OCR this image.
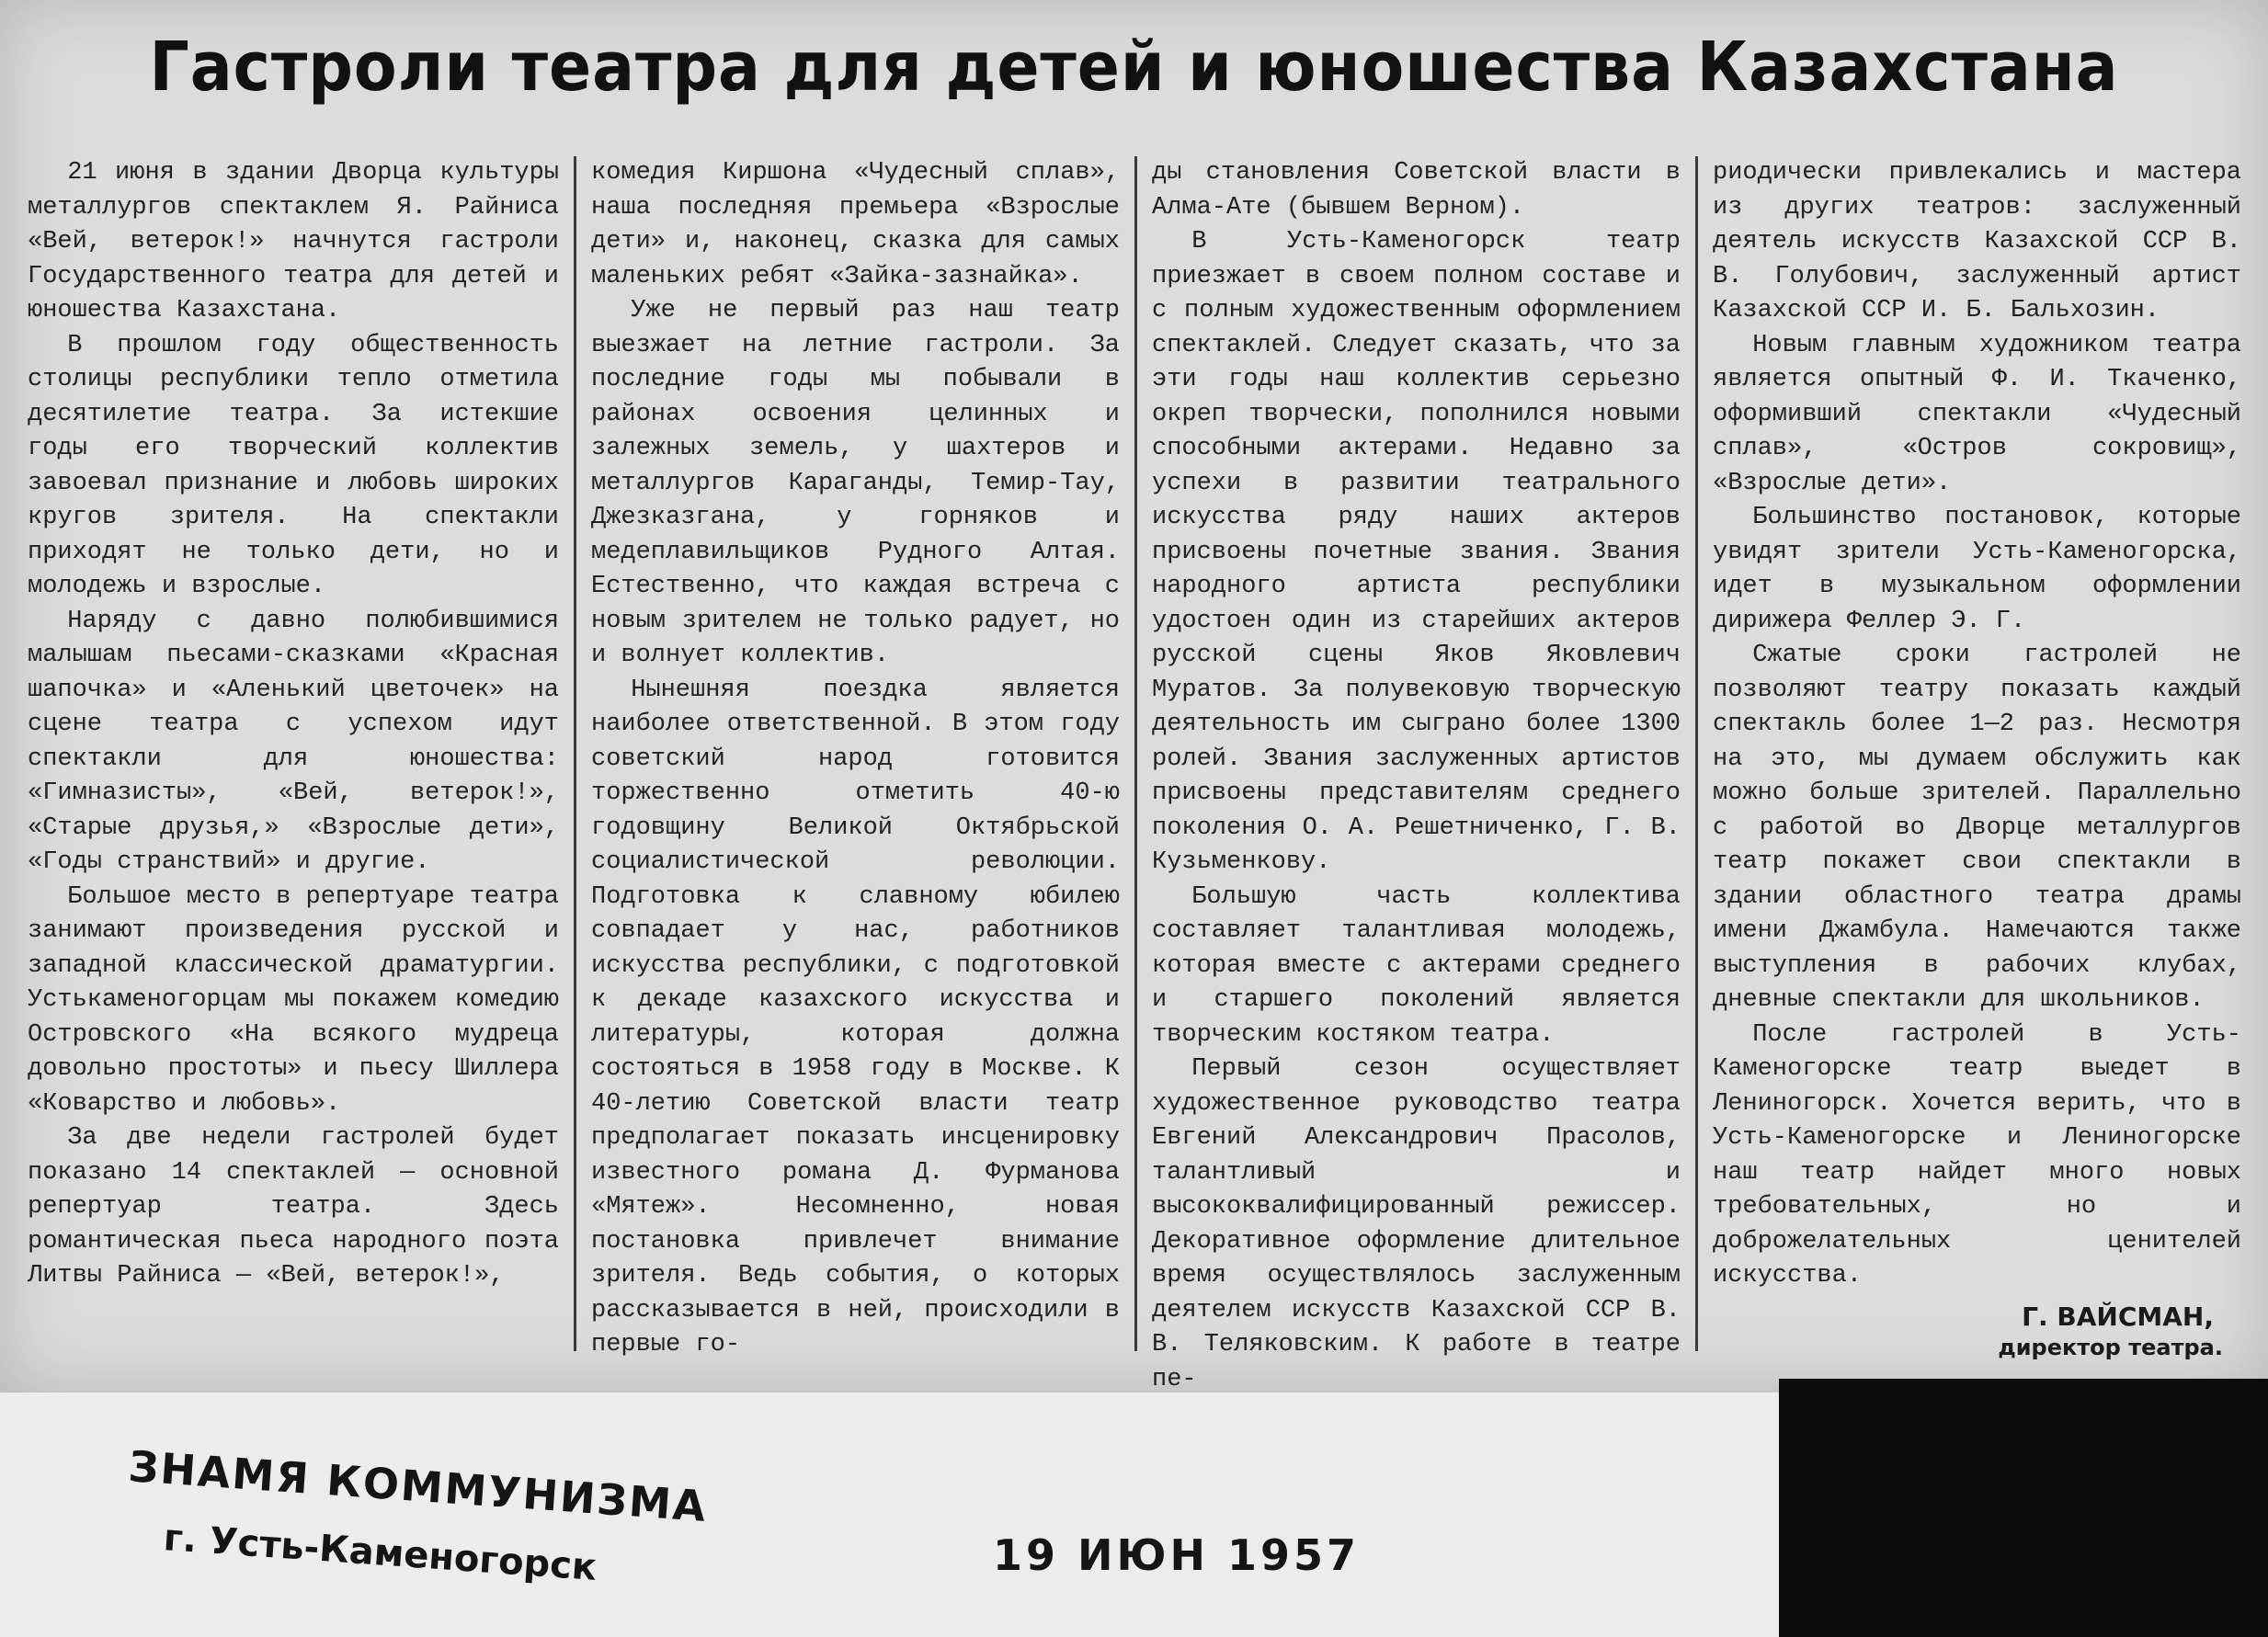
Гастроли театра для детей и юношества Казахстана

21 июня в здании Дворца культуры металлургов спектаклем Я. Райниса «Вей, ветерок!» начнутся гастроли Государственного театра для детей и юношества Казахстана.

В прошлом году общественность столицы республики тепло отметила десятилетие театра. За истекшие годы его творческий коллектив завоевал признание и любовь широких кругов зрителя. На спектакли приходят не только дети, но и молодежь и взрослые.

Наряду с давно полюбившимися малышам пьесами-сказками «Красная шапочка» и «Аленький цветочек» на сцене театра с успехом идут спектакли для юношества: «Гимназисты», «Вей, ветерок!», «Старые друзья,» «Взрослые дети», «Годы странствий» и другие.

Большое место в репертуаре театра занимают произведения русской и западной классической драматургии. Устькаменогорцам мы покажем комедию Островского «На всякого мудреца довольно простоты» и пьесу Шиллера «Коварство и любовь».

За две недели гастролей будет показано 14 спектаклей — основной репертуар театра. Здесь романтическая пьеса народного поэта Литвы Райниса — «Вей, ветерок!»,

комедия Киршона «Чудесный сплав», наша последняя премьера «Взрослые дети» и, наконец, сказка для самых маленьких ребят «Зайка-зазнайка».

Уже не первый раз наш театр выезжает на летние гастроли. За последние годы мы побывали в районах освоения целинных и залежных земель, у шахтеров и металлургов Караганды, Темир-Тау, Джезказгана, у горняков и медеплавильщиков Рудного Алтая. Естественно, что каждая встреча с новым зрителем не только радует, но и волнует коллектив.

Нынешняя поездка является наиболее ответственной. В этом году советский народ готовится торжественно отметить 40-ю годовщину Великой Октябрьской социалистической революции. Подготовка к славному юбилею совпадает у нас, работников искусства республики, с подготовкой к декаде казахского искусства и литературы, которая должна состояться в 1958 году в Москве. К 40-летию Советской власти театр предполагает показать инсценировку известного романа Д. Фурманова «Мятеж». Несомненно, новая постановка привлечет внимание зрителя. Ведь события, о которых рассказывается в ней, происходили в первые го-

ды становления Советской власти в Алма-Ате (бывшем Верном).

В Усть-Каменогорск театр приезжает в своем полном составе и с полным художественным оформлением спектаклей. Следует сказать, что за эти годы наш коллектив серьезно окреп творчески, пополнился новыми способными актерами. Недавно за успехи в развитии театрального искусства ряду наших актеров присвоены почетные звания. Звания народного артиста республики удостоен один из старейших актеров русской сцены Яков Яковлевич Муратов. За полувековую творческую деятельность им сыграно более 1300 ролей. Звания заслуженных артистов присвоены представителям среднего поколения О. А. Решетниченко, Г. В. Кузьменкову.

Большую часть коллектива составляет талантливая молодежь, которая вместе с актерами среднего и старшего поколений является творческим костяком театра.

Первый сезон осуществляет художественное руководство театра Евгений Александрович Прасолов, талантливый и высококвалифицированный режиссер. Декоративное оформление длительное время осуществлялось заслуженным деятелем искусств Казахской ССР В. В. Теляковским. К работе в театре пе-

риодически привлекались и мастера из других театров: заслуженный деятель искусств Казахской ССР В. В. Голубович, заслуженный артист Казахской ССР И. Б. Бальхозин.

Новым главным художником театра является опытный Ф. И. Ткаченко, оформивший спектакли «Чудесный сплав», «Остров сокровищ», «Взрослые дети».

Большинство постановок, которые увидят зрители Усть-Каменогорска, идет в музыкальном оформлении дирижера Феллер Э. Г.

Сжатые сроки гастролей не позволяют театру показать каждый спектакль более 1—2 раз. Несмотря на это, мы думаем обслужить как можно больше зрителей. Параллельно с работой во Дворце металлургов театр покажет свои спектакли в здании областного театра драмы имени Джамбула. Намечаются также выступления в рабочих клубах, дневные спектакли для школьников.

После гастролей в Усть-Каменогорске театр выедет в Лениногорск. Хочется верить, что в Усть-Каменогорске и Лениногорске наш театр найдет много новых требовательных, но и доброжелательных ценителей искусства.

Г. ВАЙСМАН,
директор театра.
ЗНАМЯ КОММУНИЗМА
г. Усть-Каменогорск	19 ИЮН 1957
